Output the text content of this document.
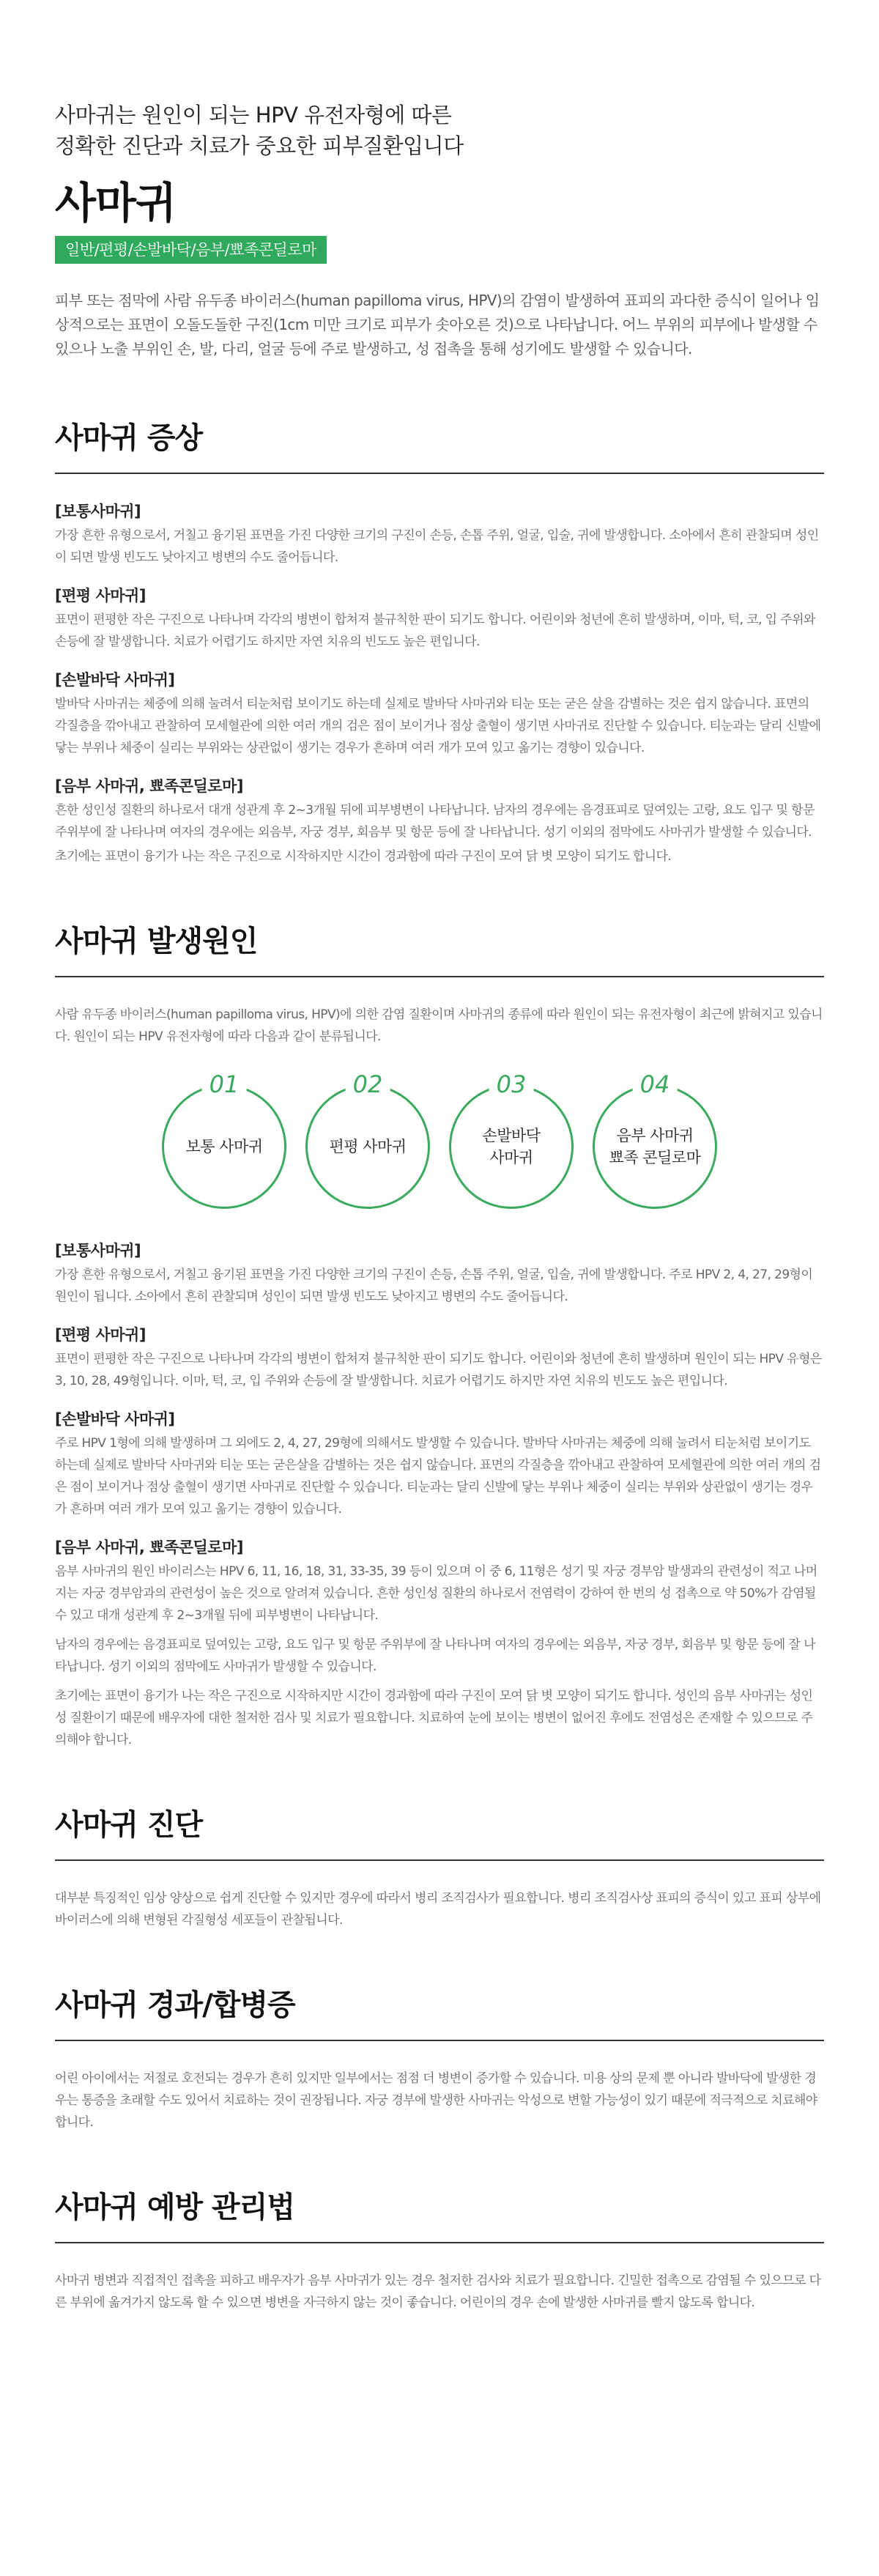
사마귀는 원인이 되는 HPV 유전자형에 따른
정확한 진단과 치료가 중요한 피부질환입니다

사마귀
일반/편평/손발바닥/음부/뾰족콘딜로마

피부 또는 점막에 사람 유두종 바이러스(human papilloma virus, HPV)의 감염이 발생하여 표피의 과다한 증식이 일어나 임상적으로는 표면이 오돌도돌한 구진(1cm 미만 크기로 피부가 솟아오른 것)으로 나타납니다. 어느 부위의 피부에나 발생할 수 있으나 노출 부위인 손, 발, 다리, 얼굴 등에 주로 발생하고, 성 접촉을 통해 성기에도 발생할 수 있습니다.

사마귀 증상
[보통사마귀]

가장 흔한 유형으로서, 거칠고 융기된 표면을 가진 다양한 크기의 구진이 손등, 손톱 주위, 얼굴, 입술, 귀에 발생합니다. 소아에서 흔히 관찰되며 성인이 되면 발생 빈도도 낮아지고 병변의 수도 줄어듭니다.

[편평 사마귀]

표면이 편평한 작은 구진으로 나타나며 각각의 병변이 합쳐져 불규칙한 판이 되기도 합니다. 어린이와 청년에 흔히 발생하며, 이마, 턱, 코, 입 주위와 손등에 잘 발생합니다. 치료가 어렵기도 하지만 자연 치유의 빈도도 높은 편입니다.

[손발바닥 사마귀]

발바닥 사마귀는 체중에 의해 눌려서 티눈처럼 보이기도 하는데 실제로 발바닥 사마귀와 티눈 또는 굳은 살을 감별하는 것은 쉽지 않습니다. 표면의 각질층을 깎아내고 관찰하여 모세혈관에 의한 여러 개의 검은 점이 보이거나 점상 출혈이 생기면 사마귀로 진단할 수 있습니다. 티눈과는 달리 신발에 닿는 부위나 체중이 실리는 부위와는 상관없이 생기는 경우가 흔하며 여러 개가 모여 있고 옮기는 경향이 있습니다.

[음부 사마귀, 뾰족콘딜로마]

흔한 성인성 질환의 하나로서 대개 성관계 후 2~3개월 뒤에 피부병변이 나타납니다. 남자의 경우에는 음경표피로 덮여있는 고랑, 요도 입구 및 항문 주위부에 잘 나타나며 여자의 경우에는 외음부, 자궁 경부, 회음부 및 항문 등에 잘 나타납니다. 성기 이외의 점막에도 사마귀가 발생할 수 있습니다.

초기에는 표면이 융기가 나는 작은 구진으로 시작하지만 시간이 경과함에 따라 구진이 모여 닭 볏 모양이 되기도 합니다.

사마귀 발생원인

사람 유두종 바이러스(human papilloma virus, HPV)에 의한 감염 질환이며 사마귀의 종류에 따라 원인이 되는 유전자형이 최근에 밝혀지고 있습니다. 원인이 되는 HPV 유전자형에 따라 다음과 같이 분류됩니다.

01
보통 사마귀
02
편평 사마귀
03
손발바닥
사마귀
04
음부 사마귀
뾰족 콘딜로마
[보통사마귀]

가장 흔한 유형으로서, 거칠고 융기된 표면을 가진 다양한 크기의 구진이 손등, 손톱 주위, 얼굴, 입술, 귀에 발생합니다. 주로 HPV 2, 4, 27, 29형이 원인이 됩니다. 소아에서 흔히 관찰되며 성인이 되면 발생 빈도도 낮아지고 병변의 수도 줄어듭니다.

[편평 사마귀]

표면이 편평한 작은 구진으로 나타나며 각각의 병변이 합쳐져 불규칙한 판이 되기도 합니다. 어린이와 청년에 흔히 발생하며 원인이 되는 HPV 유형은 3, 10, 28, 49형입니다. 이마, 턱, 코, 입 주위와 손등에 잘 발생합니다. 치료가 어렵기도 하지만 자연 치유의 빈도도 높은 편입니다.

[손발바닥 사마귀]

주로 HPV 1형에 의해 발생하며 그 외에도 2, 4, 27, 29형에 의해서도 발생할 수 있습니다. 발바닥 사마귀는 체중에 의해 눌려서 티눈처럼 보이기도 하는데 실제로 발바닥 사마귀와 티눈 또는 굳은살을 감별하는 것은 쉽지 않습니다. 표면의 각질층을 깎아내고 관찰하여 모세혈관에 의한 여러 개의 검은 점이 보이거나 점상 출혈이 생기면 사마귀로 진단할 수 있습니다. 티눈과는 달리 신발에 닿는 부위나 체중이 실리는 부위와 상관없이 생기는 경우가 흔하며 여러 개가 모여 있고 옮기는 경향이 있습니다.

[음부 사마귀, 뾰족콘딜로마]

음부 사마귀의 원인 바이러스는 HPV 6, 11, 16, 18, 31, 33-35, 39 등이 있으며 이 중 6, 11형은 성기 및 자궁 경부암 발생과의 관련성이 적고 나머지는 자궁 경부암과의 관련성이 높은 것으로 알려져 있습니다. 흔한 성인성 질환의 하나로서 전염력이 강하여 한 번의 성 접촉으로 약 50%가 감염될 수 있고 대개 성관계 후 2~3개월 뒤에 피부병변이 나타납니다.

남자의 경우에는 음경표피로 덮여있는 고랑, 요도 입구 및 항문 주위부에 잘 나타나며 여자의 경우에는 외음부, 자궁 경부, 회음부 및 항문 등에 잘 나타납니다. 성기 이외의 점막에도 사마귀가 발생할 수 있습니다.

초기에는 표면이 융기가 나는 작은 구진으로 시작하지만 시간이 경과함에 따라 구진이 모여 닭 볏 모양이 되기도 합니다. 성인의 음부 사마귀는 성인성 질환이기 때문에 배우자에 대한 철저한 검사 및 치료가 필요합니다. 치료하여 눈에 보이는 병변이 없어진 후에도 전염성은 존재할 수 있으므로 주의해야 합니다.

사마귀 진단

대부분 특징적인 임상 양상으로 쉽게 진단할 수 있지만 경우에 따라서 병리 조직검사가 필요합니다. 병리 조직검사상 표피의 증식이 있고 표피 상부에 바이러스에 의해 변형된 각질형성 세포들이 관찰됩니다.

사마귀 경과/합병증

어린 아이에서는 저절로 호전되는 경우가 흔히 있지만 일부에서는 점점 더 병변이 증가할 수 있습니다. 미용 상의 문제 뿐 아니라 발바닥에 발생한 경우는 통증을 초래할 수도 있어서 치료하는 것이 권장됩니다. 자궁 경부에 발생한 사마귀는 악성으로 변할 가능성이 있기 때문에 적극적으로 치료해야 합니다.

사마귀 예방 관리법

사마귀 병변과 직접적인 접촉을 피하고 배우자가 음부 사마귀가 있는 경우 철저한 검사와 치료가 필요합니다. 긴밀한 접촉으로 감염될 수 있으므로 다른 부위에 옮겨가지 않도록 할 수 있으면 병변을 자극하지 않는 것이 좋습니다. 어린이의 경우 손에 발생한 사마귀를 빨지 않도록 합니다.
